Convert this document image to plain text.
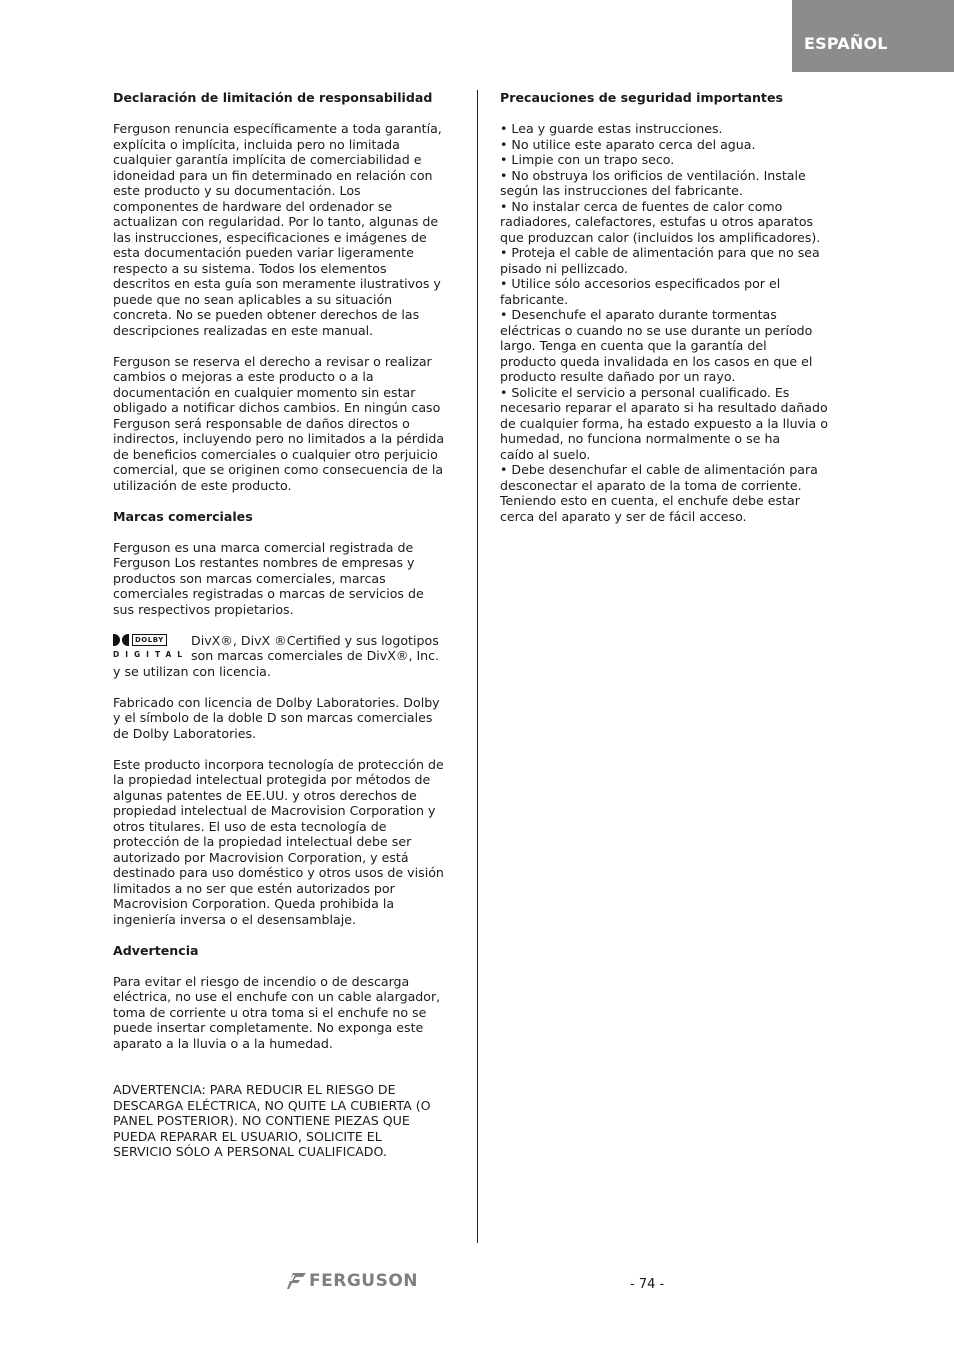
ESPAÑOL
Declaración de limitación de responsabilidad

Ferguson renuncia específicamente a toda garantía,
explícita o implícita, incluida pero no limitada
cualquier garantía implícita de comerciabilidad e
idoneidad para un fin determinado en relación con
este producto y su documentación. Los
componentes de hardware del ordenador se
actualizan con regularidad. Por lo tanto, algunas de
las instrucciones, especificaciones e imágenes de
esta documentación pueden variar ligeramente
respecto a su sistema. Todos los elementos
descritos en esta guía son meramente ilustrativos y
puede que no sean aplicables a su situación
concreta. No se pueden obtener derechos de las
descripciones realizadas en este manual.

Ferguson se reserva el derecho a revisar o realizar
cambios o mejoras a este producto o a la
documentación en cualquier momento sin estar
obligado a notificar dichos cambios. En ningún caso
Ferguson será responsable de daños directos o
indirectos, incluyendo pero no limitados a la pérdida
de beneficios comerciales o cualquier otro perjuicio
comercial, que se originen como consecuencia de la
utilización de este producto.

Marcas comerciales

Ferguson es una marca comercial registrada de
Ferguson Los restantes nombres de empresas y
productos son marcas comerciales, marcas
comerciales registradas o marcas de servicios de
sus respectivos propietarios.

DOLBY
DIGITAL

DivX®, DivX ®Certified y sus logotipos
son marcas comerciales de DivX®, Inc.
y se utilizan con licencia.

Fabricado con licencia de Dolby Laboratories. Dolby
y el símbolo de la doble D son marcas comerciales
de Dolby Laboratories.

Este producto incorpora tecnología de protección de
la propiedad intelectual protegida por métodos de
algunas patentes de EE.UU. y otros derechos de
propiedad intelectual de Macrovision Corporation y
otros titulares. El uso de esta tecnología de
protección de la propiedad intelectual debe ser
autorizado por Macrovision Corporation, y está
destinado para uso doméstico y otros usos de visión
limitados a no ser que estén autorizados por
Macrovision Corporation. Queda prohibida la
ingeniería inversa o el desensamblaje.

Advertencia

Para evitar el riesgo de incendio o de descarga
eléctrica, no use el enchufe con un cable alargador,
toma de corriente u otra toma si el enchufe no se
puede insertar completamente. No exponga este
aparato a la lluvia o a la humedad.

ADVERTENCIA: PARA REDUCIR EL RIESGO DE
DESCARGA ELÉCTRICA, NO QUITE LA CUBIERTA (O
PANEL POSTERIOR). NO CONTIENE PIEZAS QUE
PUEDA REPARAR EL USUARIO, SOLICITE EL
SERVICIO SÓLO A PERSONAL CUALIFICADO.

Precauciones de seguridad importantes
• Lea y guarde estas instrucciones.
• No utilice este aparato cerca del agua.
• Limpie con un trapo seco.
• No obstruya los orificios de ventilación. Instale
según las instrucciones del fabricante.
• No instalar cerca de fuentes de calor como
radiadores, calefactores, estufas u otros aparatos
que produzcan calor (incluidos los amplificadores).
• Proteja el cable de alimentación para que no sea
pisado ni pellizcado.
• Utilice sólo accesorios especificados por el
fabricante.
• Desenchufe el aparato durante tormentas
eléctricas o cuando no se use durante un período
largo. Tenga en cuenta que la garantía del
producto queda invalidada en los casos en que el
producto resulte dañado por un rayo.
• Solicite el servicio a personal cualificado. Es
necesario reparar el aparato si ha resultado dañado
de cualquier forma, ha estado expuesto a la lluvia o
humedad, no funciona normalmente o se ha
caído al suelo.
• Debe desenchufar el cable de alimentación para
desconectar el aparato de la toma de corriente.
Teniendo esto en cuenta, el enchufe debe estar
cerca del aparato y ser de fácil acceso.
FERGUSON	- 74 -
